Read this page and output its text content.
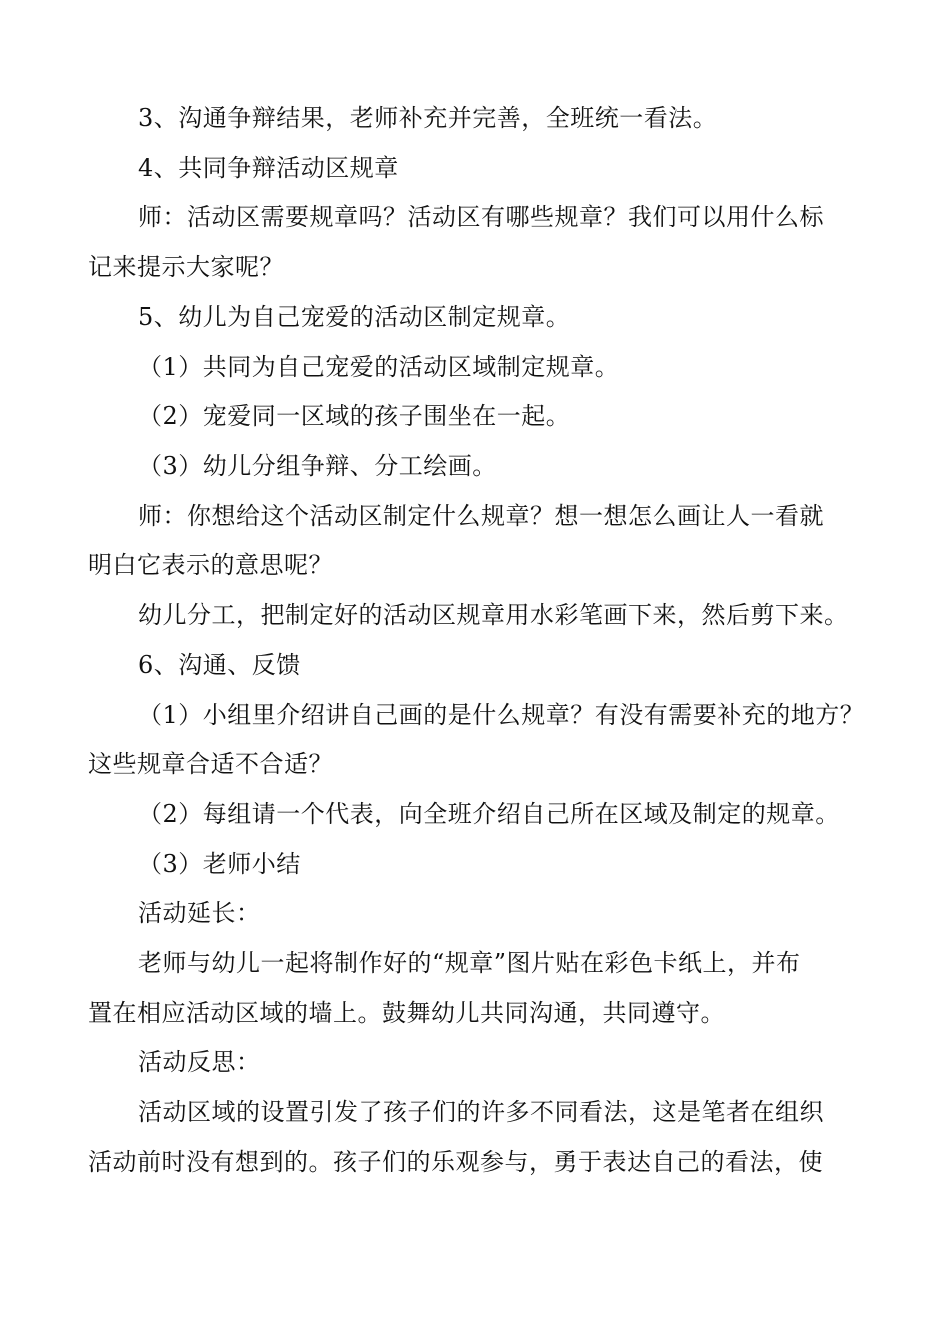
3、沟通争辩结果，老师补充并完善，全班统一看法。
4、共同争辩活动区规章
师：活动区需要规章吗？活动区有哪些规章？我们可以用什么标
记来提示大家呢？
5、幼儿为自己宠爱的活动区制定规章。
（1）共同为自己宠爱的活动区域制定规章。
（2）宠爱同一区域的孩子围坐在一起。
（3）幼儿分组争辩、分工绘画。
师：你想给这个活动区制定什么规章？想一想怎么画让人一看就
明白它表示的意思呢？
幼儿分工，把制定好的活动区规章用水彩笔画下来，然后剪下来。
6、沟通、反馈
（1）小组里介绍讲自己画的是什么规章？有没有需要补充的地方？
这些规章合适不合适？
（2）每组请一个代表，向全班介绍自己所在区域及制定的规章。
（3）老师小结
活动延长：
老师与幼儿一起将制作好的“规章”图片贴在彩色卡纸上，并布
置在相应活动区域的墙上。鼓舞幼儿共同沟通，共同遵守。
活动反思：
活动区域的设置引发了孩子们的许多不同看法，这是笔者在组织
活动前时没有想到的。孩子们的乐观参与，勇于表达自己的看法，使
